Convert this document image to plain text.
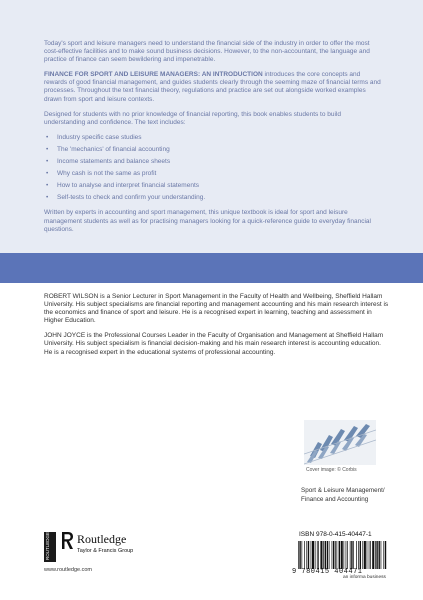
Today's sport and leisure managers need to understand the financial side of the industry in order to offer the most cost-effective facilities and to make sound business decisions. However, to the non-accountant, the language and practice of finance can seem bewildering and impenetrable.

FINANCE FOR SPORT AND LEISURE MANAGERS: AN INTRODUCTION introduces the core concepts and rewards of good financial management, and guides students clearly through the seeming maze of financial terms and processes. Throughout the text financial theory, regulations and practice are set out alongside worked examples drawn from sport and leisure contexts.

Designed for students with no prior knowledge of financial reporting, this book enables students to build understanding and confidence. The text includes:

• Industry specific case studies
• The 'mechanics' of financial accounting
• Income statements and balance sheets
• Why cash is not the same as profit
• How to analyse and interpret financial statements
• Self-tests to check and confirm your understanding.

Written by experts in accounting and sport management, this unique textbook is ideal for sport and leisure management students as well as for practising managers looking for a quick-reference guide to everyday financial questions.

ROBERT WILSON is a Senior Lecturer in Sport Management in the Faculty of Health and Wellbeing, Sheffield Hallam University. His subject specialisms are financial reporting and management accounting and his main research interest is the economics and finance of sport and leisure. He is a recognised expert in learning, teaching and assessment in Higher Education.

JOHN JOYCE is the Professional Courses Leader in the Faculty of Organisation and Management at Sheffield Hallam University. His subject specialism is financial decision-making and his main research interest is accounting education. He is a recognised expert in the educational systems of professional accounting.

Cover image: © Corbis
Sport & Leisure Management/
Finance and Accounting
ROUTLEDGE Routledge
Taylor & Francis Group
www.routledge.com
ISBN 978-0-415-40447-1
9 780415 404471
an informa business
